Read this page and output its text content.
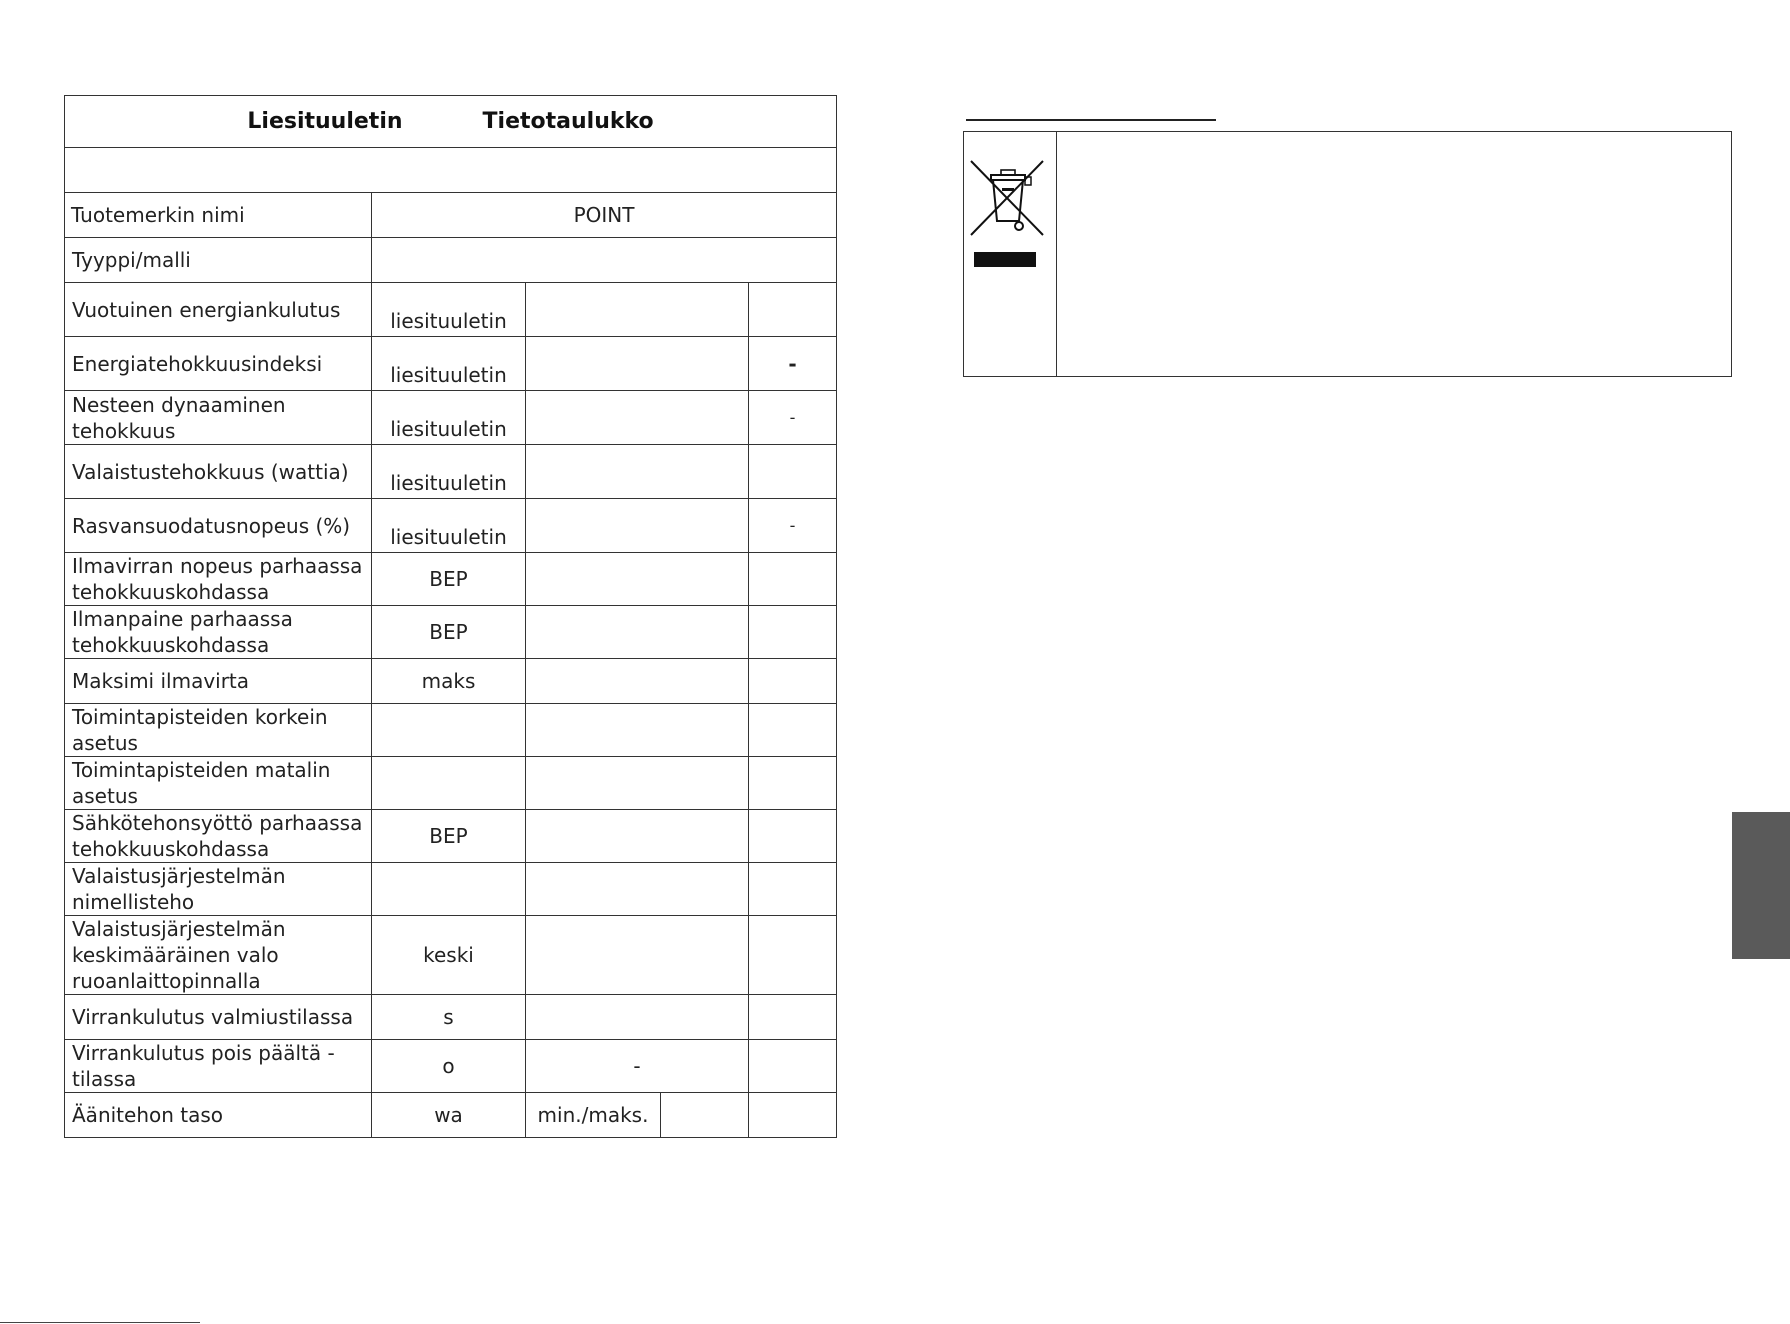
Liesituuletin Tietotaulukko				

Tuotemerkin nimi	POINT			
Tyyppi/malli				
Vuotuinen energiankulutus	liesituuletin			
Energiatehokkuusindeksi	liesituuletin			-
Nesteen dynaaminen tehokkuus	liesituuletin			-
Valaistustehokkuus (wattia)	liesituuletin			
Rasvansuodatusnopeus (%)	liesituuletin			-
Ilmavirran nopeus parhaassa tehokkuuskohdassa	BEP			
Ilmanpaine parhaassa tehokkuuskohdassa	BEP			
Maksimi ilmavirta	maks			
Toimintapisteiden korkein asetus				
Toimintapisteiden matalin asetus				
Sähkötehonsyöttö parhaassa tehokkuuskohdassa	BEP			
Valaistusjärjestelmän nimellisteho				
Valaistusjärjestelmän keskimääräinen valo ruoanlaittopinnalla	keski			
Virrankulutus valmiustilassa	s			
Virrankulutus pois päältä -tilassa	o	-		
Äänitehon taso	wa	min./maks.		
